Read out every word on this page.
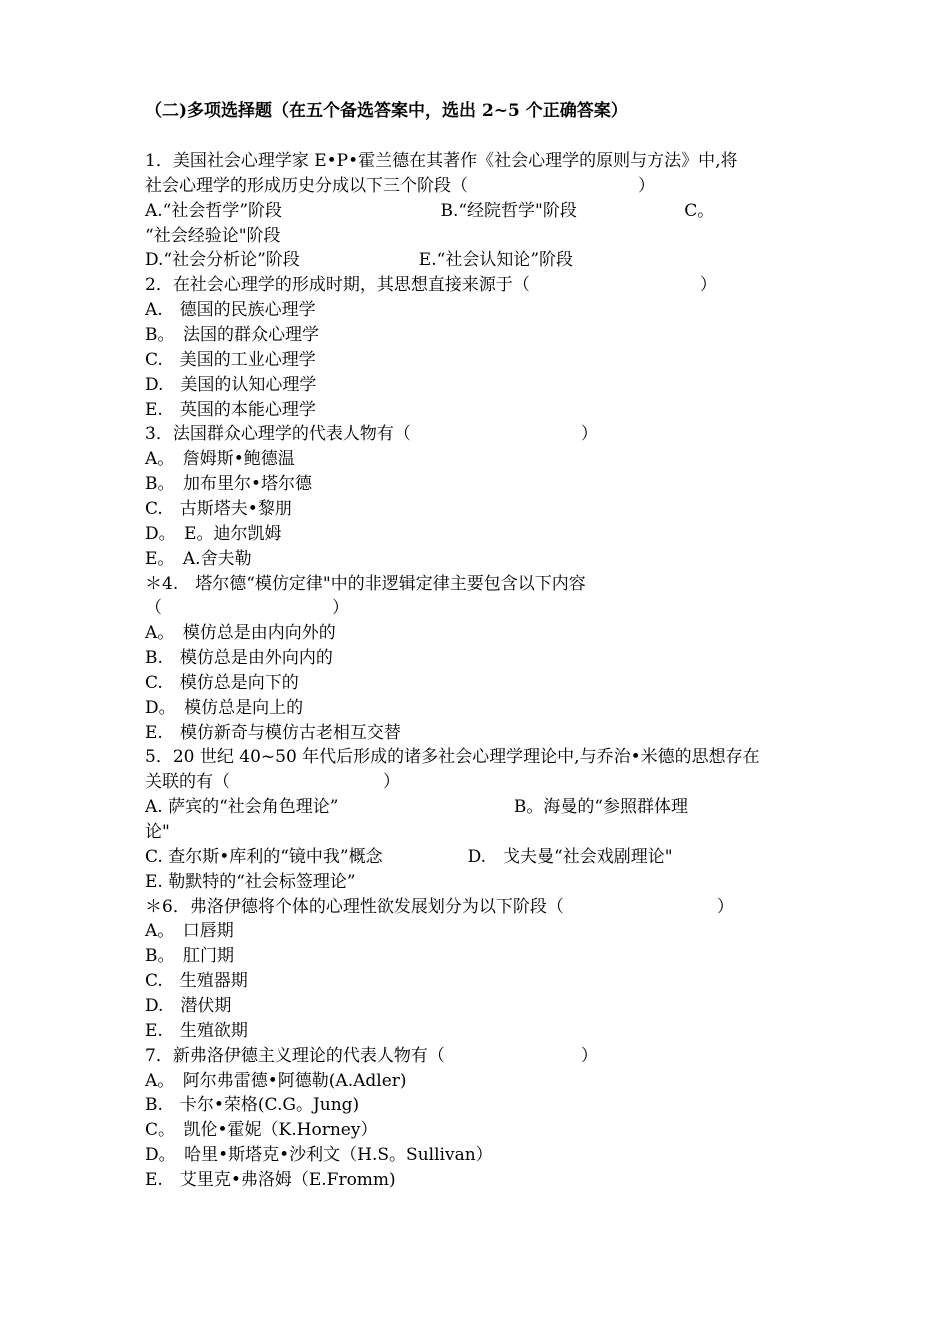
（二)多项选择题（在五个备选答案中，选出 2~5 个正确答案）
1．美国社会心理学家 E•P•霍兰德在其著作《社会心理学的原则与方法》中,将
社会心理学的形成历史分成以下三个阶段（　　　　　　　　　　）
A.“社会哲学”阶段　　　　　　　　　 B.“经院哲学"阶段　　　　　　 C。
“社会经验论"阶段
D.“社会分析论”阶段　　　　　　　E.“社会认知论”阶段
2．在社会心理学的形成时期，其思想直接来源于（　　　　　　　　　　）
A.　德国的民族心理学
B。　法国的群众心理学
C.　美国的工业心理学
D.　美国的认知心理学
E.　英国的本能心理学
3．法国群众心理学的代表人物有（　　　　　　　　　　）
A。　詹姆斯•鲍德温
B。　加布里尔•塔尔德
C.　古斯塔夫•黎朋
D。　E。迪尔凯姆
E。　A.舍夫勒
＊4.　塔尔德“模仿定律"中的非逻辑定律主要包含以下内容
（　　　　　　　　　　）
A。　模仿总是由内向外的
B.　模仿总是由外向内的
C.　模仿总是向下的
D。　模仿总是向上的
E.　模仿新奇与模仿古老相互交替
5．20 世纪 40~50 年代后形成的诸多社会心理学理论中,与乔治•米德的思想存在
关联的有（　　　　　　　　　）
A. 萨宾的“社会角色理论”　　　　　　　　　　 B。海曼的“参照群体理
论"
C. 查尔斯•库利的“镜中我”概念　　　　　D.　戈夫曼“社会戏剧理论"
E. 勒默特的“社会标签理论”
＊6．弗洛伊德将个体的心理性欲发展划分为以下阶段（　　　　　　　　　）
A。　口唇期
B。　肛门期
C.　生殖器期
D.　潜伏期
E.　生殖欲期
7．新弗洛伊德主义理论的代表人物有（　　　　　　　　）
A。　阿尔弗雷德•阿德勒(A.Adler)
B.　卡尔•荣格(C.G。Jung)
C。　凯伦•霍妮（K.Horney）
D。　哈里•斯塔克•沙利文（H.S。Sullivan）
E.　艾里克•弗洛姆（E.Fromm)
